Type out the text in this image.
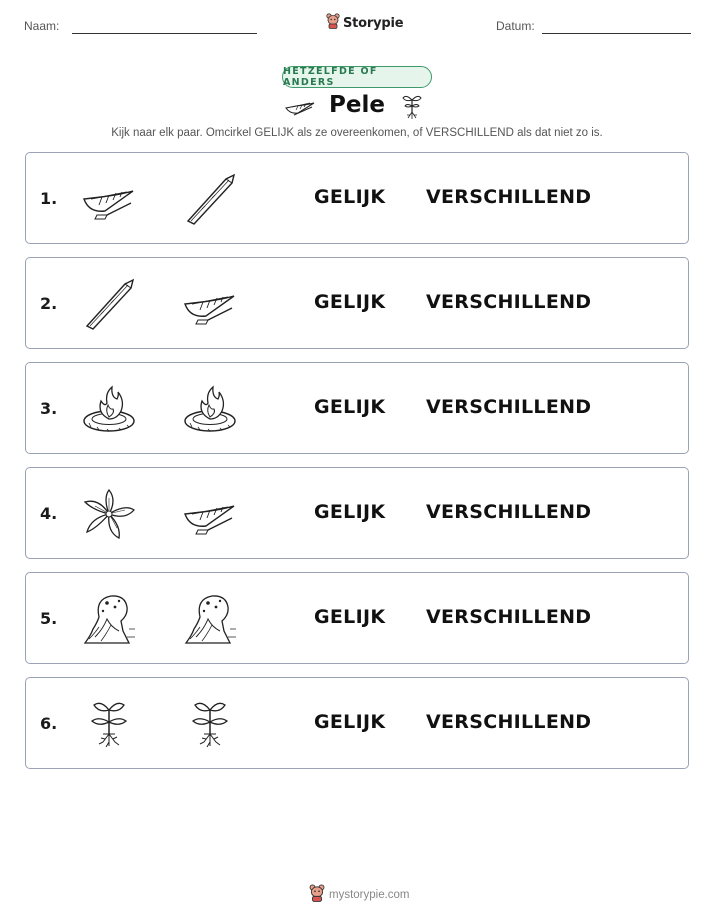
Naam:	Storypie	Datum:
HETZELFDE OF ANDERS
Pele
Kijk naar elk paar. Omcirkel GELIJK als ze overeenkomen, of VERSCHILLEND als dat niet zo is.
1.	GELIJK VERSCHILLEND
2.	GELIJK VERSCHILLEND
3.	GELIJK VERSCHILLEND
4.	GELIJK VERSCHILLEND
5.	GELIJK VERSCHILLEND
6.	GELIJK VERSCHILLEND
mystorypie.com
